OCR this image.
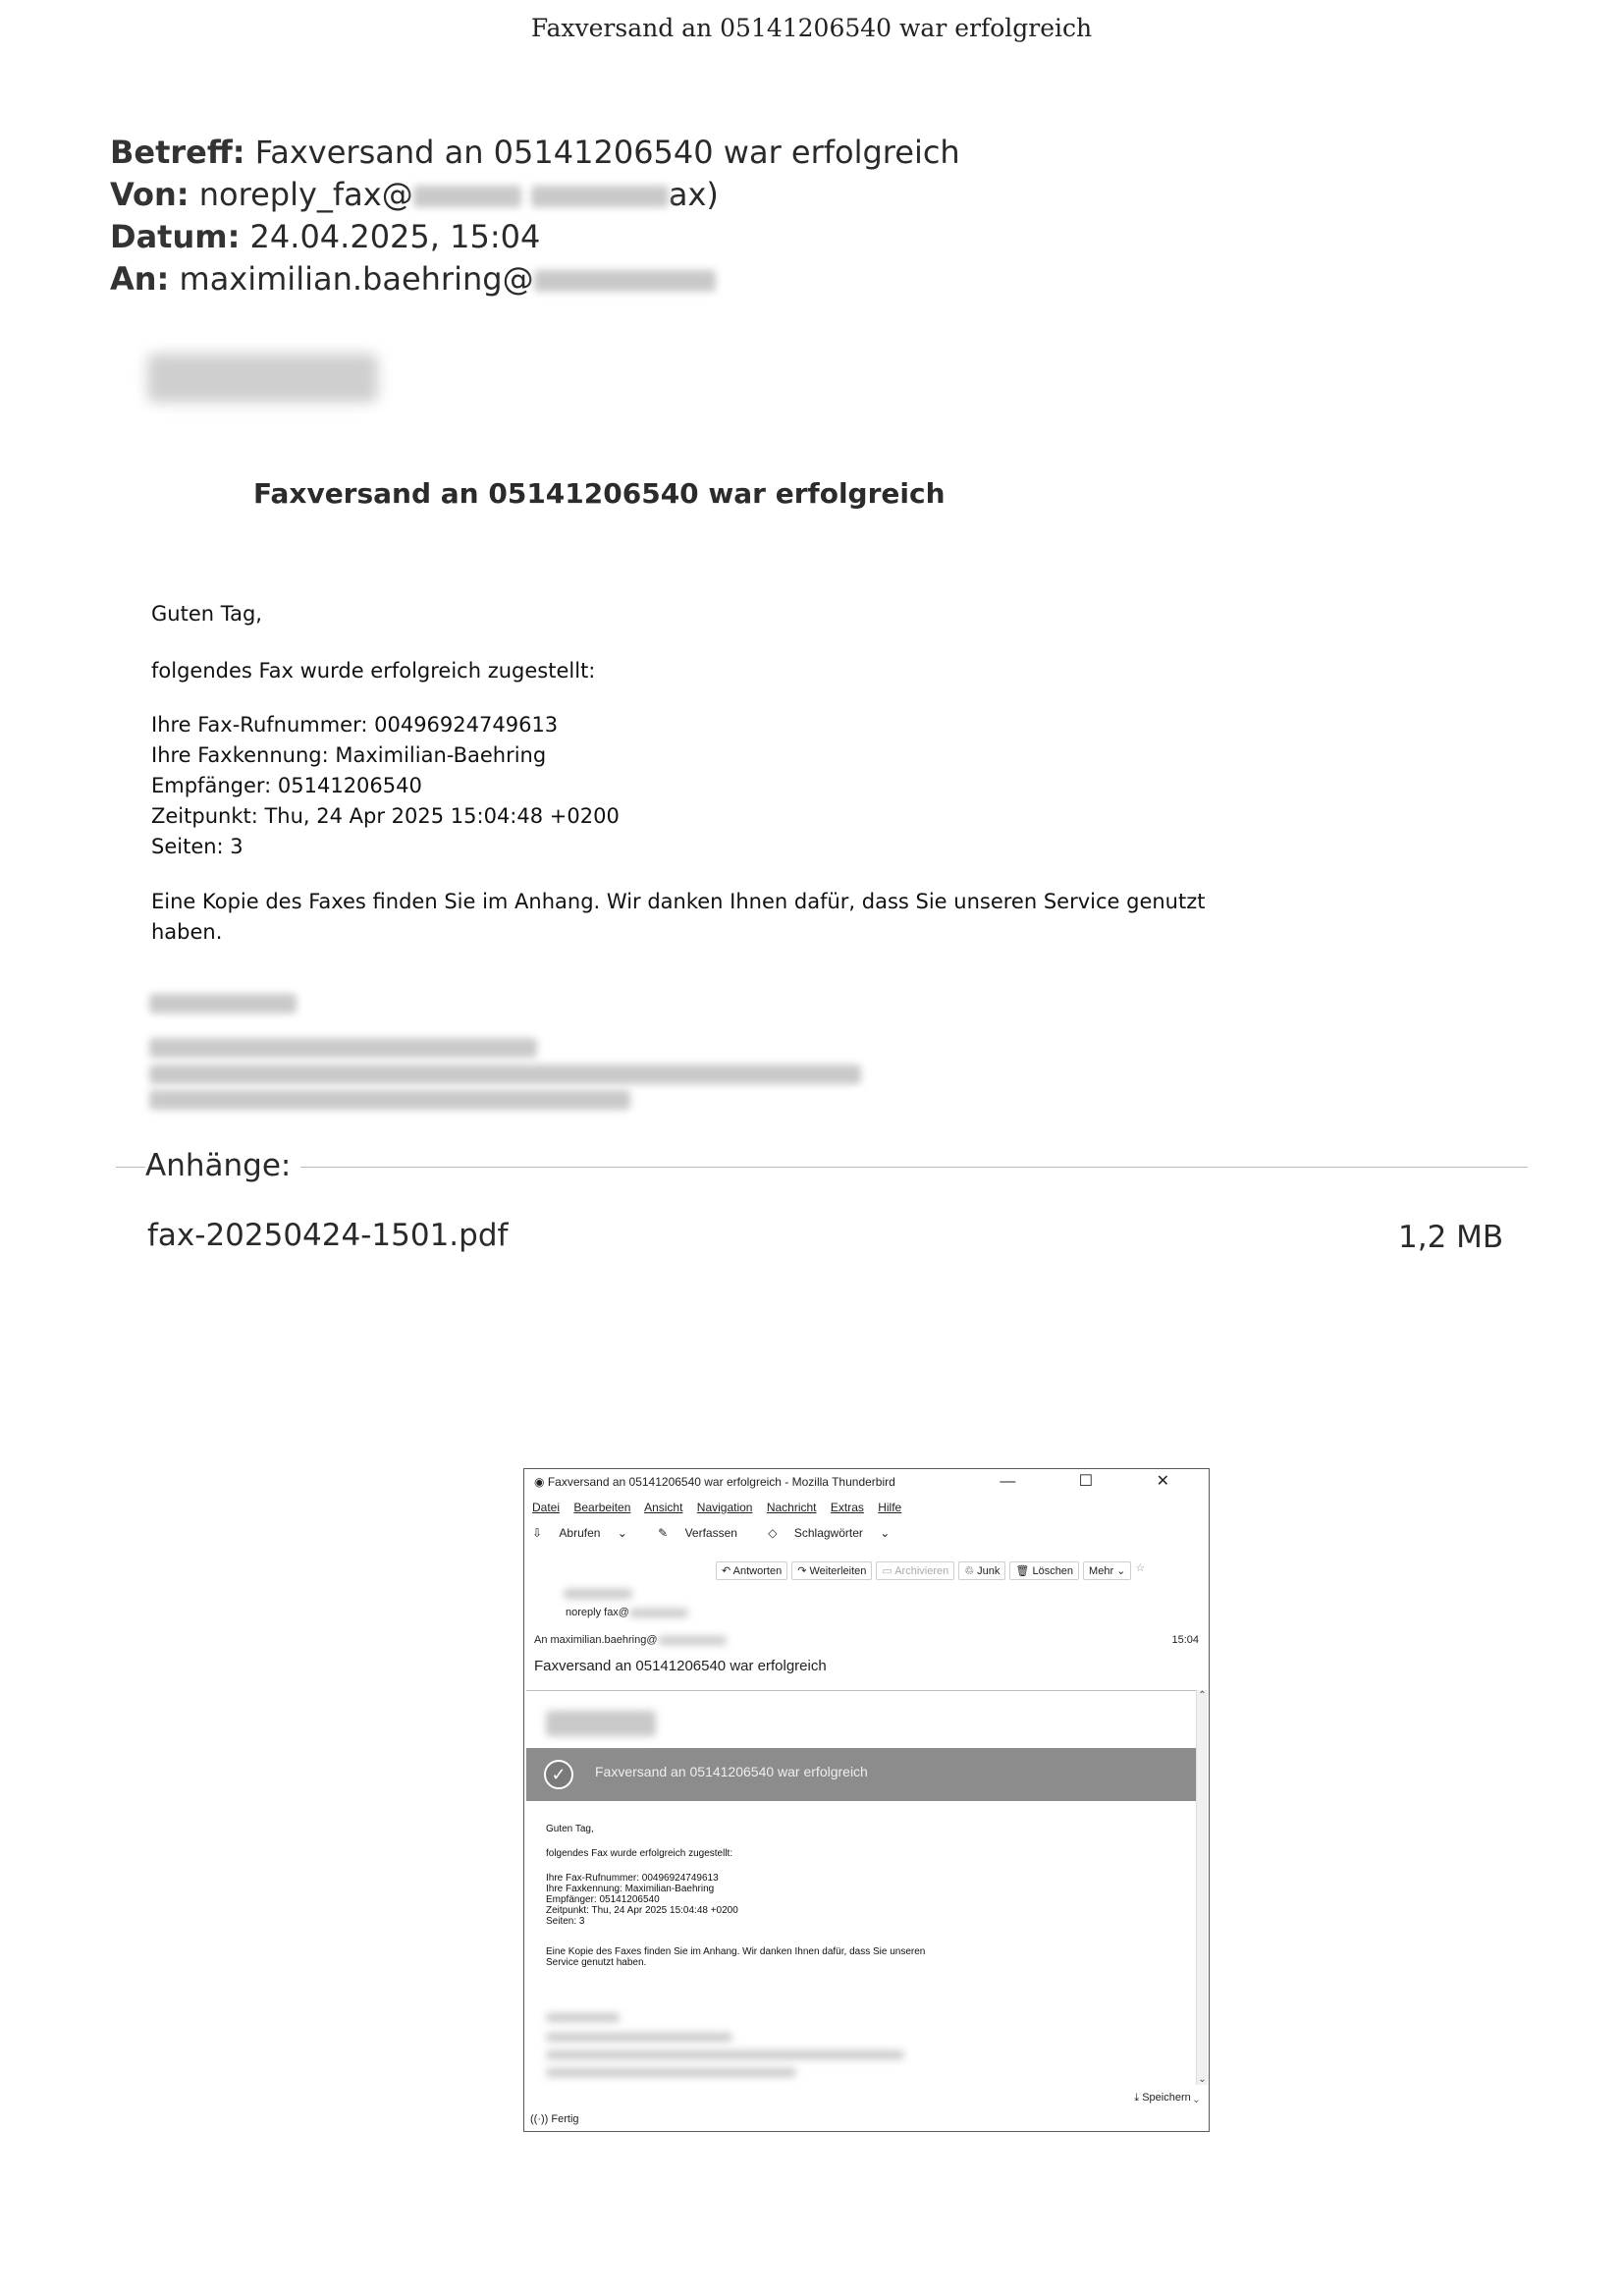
Faxversand an 05141206540 war erfolgreich
Betreff: Faxversand an 05141206540 war erfolgreich
Von: noreply_fax@	ax)
Datum: 24.04.2025, 15:04
An: maximilian.baehring@
Faxversand an 05141206540 war erfolgreich
Guten Tag,
folgendes Fax wurde erfolgreich zugestellt:
Ihre Fax-Rufnummer: 00496924749613
Ihre Faxkennung: Maximilian-Baehring
Empfänger: 05141206540
Zeitpunkt: Thu, 24 Apr 2025 15:04:48 +0200
Seiten: 3
Eine Kopie des Faxes finden Sie im Anhang. Wir danken Ihnen dafür, dass Sie unseren Service genutzt
haben.
Anhänge:
fax-20250424-1501.pdf	1,2 MB
◉ Faxversand an 05141206540 war erfolgreich - Mozilla Thunderbird	— ☐ ✕
Datei Bearbeiten Ansicht Navigation Nachricht Extras Hilfe
⇩ Abrufen ⌄	✎ Verfassen	◇ Schlagwörter ⌄
↶ Antworten	↷ Weiterleiten	▭ Archivieren	♲ Junk	🗑 Löschen	Mehr ⌄ ☆
noreply fax@
An maximilian.baehring@	15:04
Faxversand an 05141206540 war erfolgreich
✓	Faxversand an 05141206540 war erfolgreich
Guten Tag,
folgendes Fax wurde erfolgreich zugestellt:
Ihre Fax-Rufnummer: 00496924749613
Ihre Faxkennung: Maximilian-Baehring
Empfänger: 05141206540
Zeitpunkt: Thu, 24 Apr 2025 15:04:48 +0200
Seiten: 3
Eine Kopie des Faxes finden Sie im Anhang. Wir danken Ihnen dafür, dass Sie unseren
Service genutzt haben.
⌃
⌄
⤓ Speichern ⌄
((·)) Fertig
